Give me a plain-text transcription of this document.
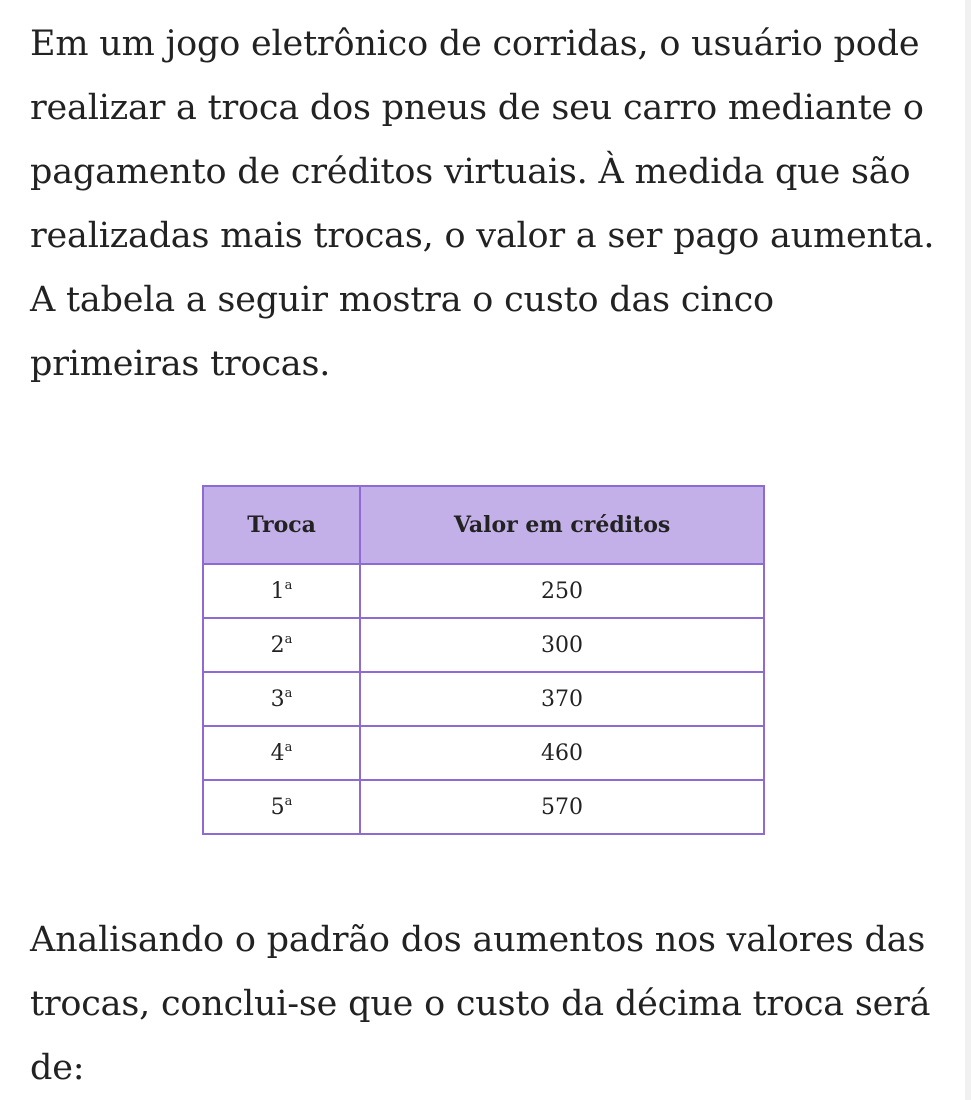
Em um jogo eletrônico de corridas, o usuário pode realizar a troca dos pneus de seu carro mediante o pagamento de créditos virtuais. À medida que são realizadas mais trocas, o valor a ser pago aumenta. A tabela a seguir mostra o custo das cinco primeiras trocas.

Troca	Valor em créditos
1$^a$	250
2$^a$	300
3$^a$	370
4$^a$	460
5$^a$	570

Analisando o padrão dos aumentos nos valores das trocas, conclui-se que o custo da décima troca será de:
